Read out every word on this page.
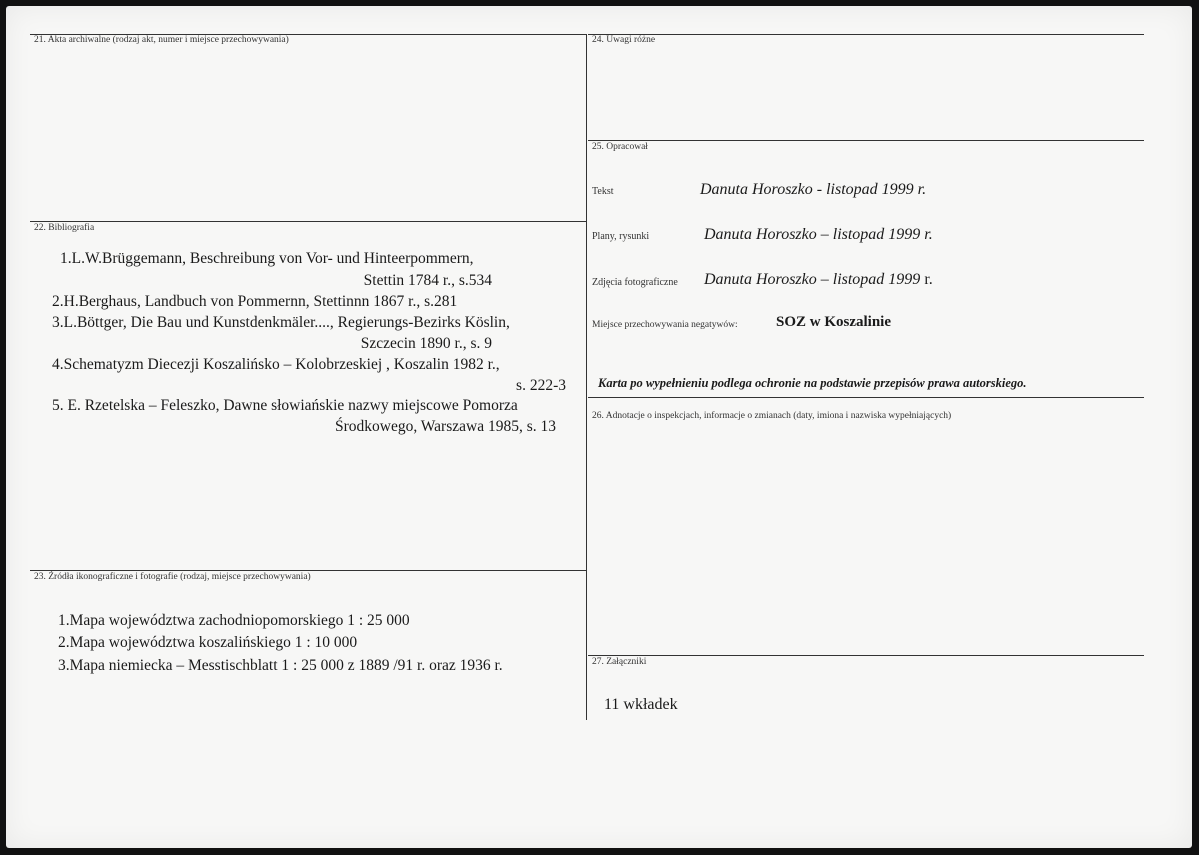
21. Akta archiwalne (rodzaj akt, numer i miejsce przechowywania)
22. Bibliografia
1.L.W.Brüggemann, Beschreibung von Vor- und Hinteerpommern,
Stettin 1784 r., s.534
2.H.Berghaus, Landbuch von Pommernn, Stettinnn 1867 r., s.281
3.L.Böttger, Die Bau und Kunstdenkmäler...., Regierungs-Bezirks Köslin,
Szczecin 1890 r., s. 9
4.Schematyzm Diecezji Koszalińsko – Kolobrzeskiej , Koszalin 1982 r.,
s. 222-3
5. E. Rzetelska – Feleszko, Dawne słowiańskie nazwy miejscowe Pomorza
Środkowego, Warszawa 1985, s. 13
23. Źródła ikonograficzne i fotografie (rodzaj, miejsce przechowywania)
1.Mapa województwa zachodniopomorskiego 1 : 25 000
2.Mapa województwa koszalińskiego 1 : 10 000
3.Mapa niemiecka – Messtischblatt 1 : 25 000 z 1889 /91 r. oraz 1936 r.
24. Uwagi różne
25. Opracował
Tekst	Danuta Horoszko - listopad 1999 r.
Plany, rysunki	Danuta Horoszko – listopad 1999 r.
Zdjęcia fotograficzne Danuta Horoszko – listopad 1999 r.
Miejsce przechowywania negatywów:	SOZ w Koszalinie
Karta po wypełnieniu podlega ochronie na podstawie przepisów prawa autorskiego.
26. Adnotacje o inspekcjach, informacje o zmianach (daty, imiona i nazwiska wypełniających)
27. Załączniki
11 wkładek
